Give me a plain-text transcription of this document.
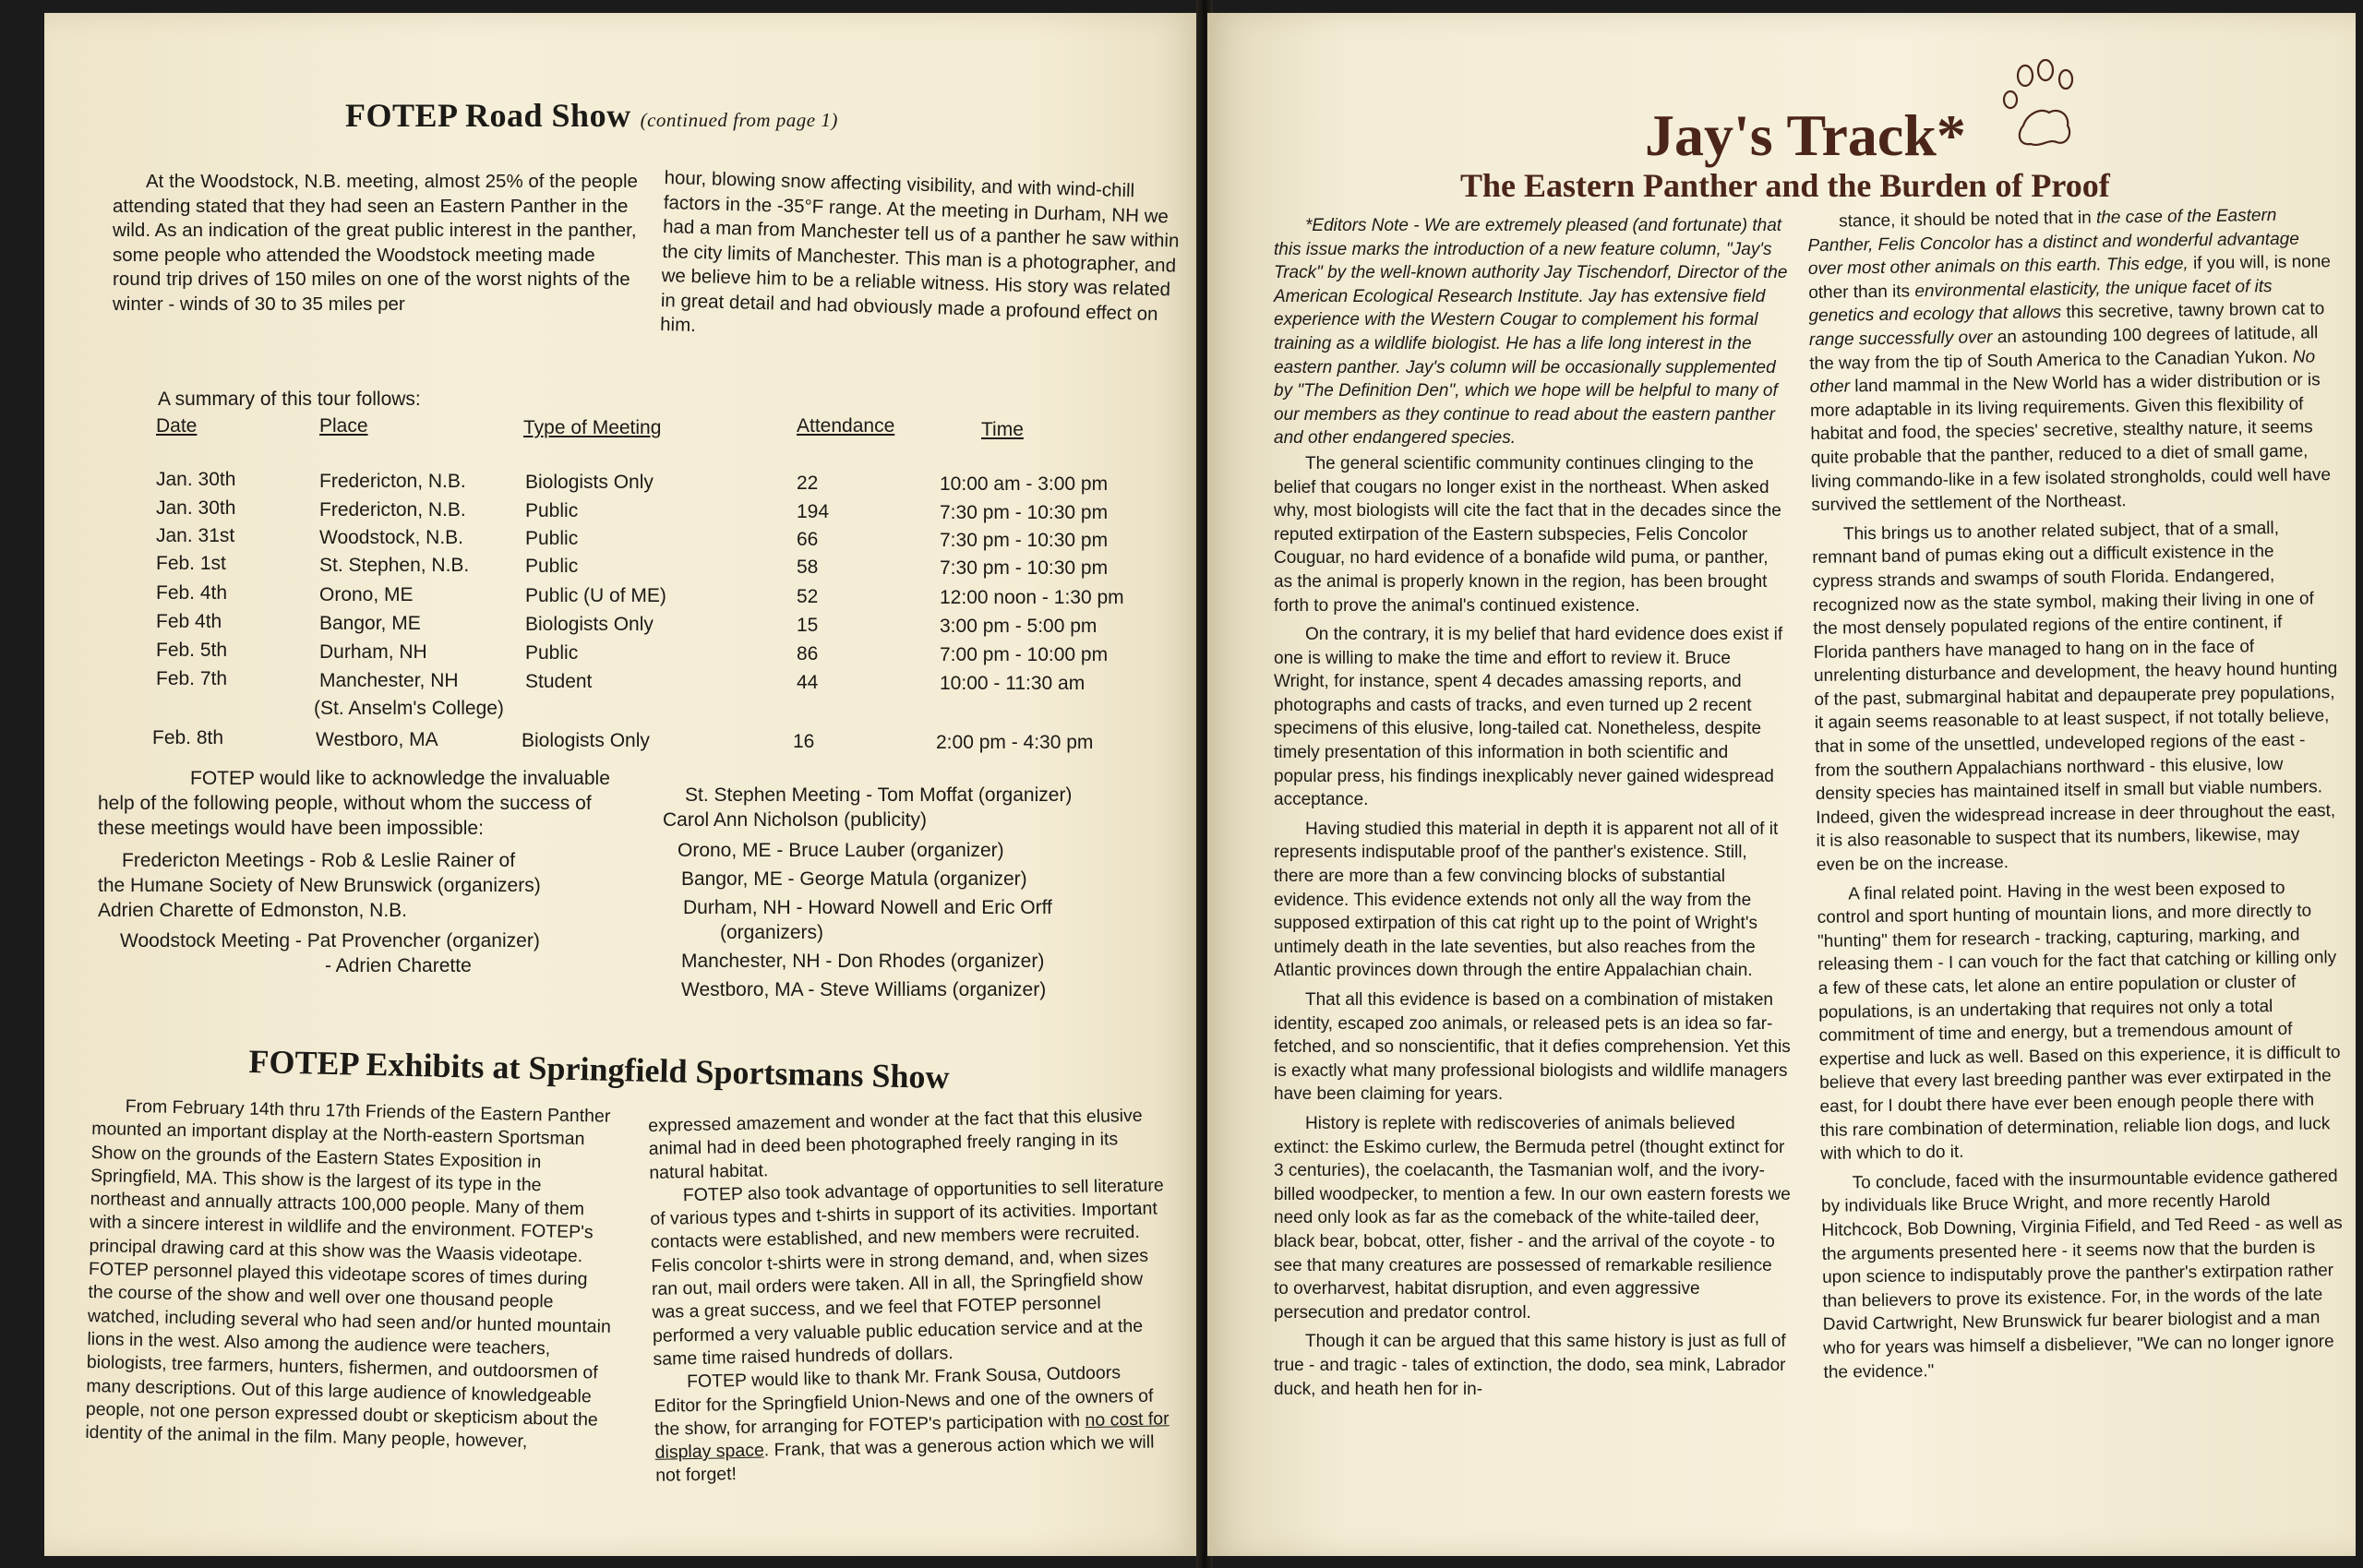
FOTEP Road Show (continued from page 1)

At the Woodstock, N.B. meeting, almost 25% of the people attending stated that they had seen an Eastern Panther in the wild. As an indication of the great public interest in the panther, some people who attended the Woodstock meeting made round trip drives of 150 miles on one of the worst nights of the winter - winds of 30 to 35 miles per

hour, blowing snow affecting visibility, and with wind-chill factors in the -35°F range. At the meeting in Durham, NH we had a man from Manchester tell us of a panther he saw within the city limits of Manchester. This man is a photographer, and we believe him to be a reliable witness. His story was related in great detail and had obviously made a profound effect on him.

A summary of this tour follows:
Date	Place	Type of Meeting	Attendance	Time
Jan. 30th	Fredericton, N.B.	Biologists Only	22	10:00 am - 3:00 pm
Jan. 30th	Fredericton, N.B.	Public	194	7:30 pm - 10:30 pm
Jan. 31st	Woodstock, N.B.	Public	66	7:30 pm - 10:30 pm
Feb. 1st	St. Stephen, N.B.	Public	58	7:30 pm - 10:30 pm
Feb. 4th	Orono, ME	Public (U of ME)	52	12:00 noon - 1:30 pm
Feb 4th	Bangor, ME	Biologists Only	15	3:00 pm - 5:00 pm
Feb. 5th	Durham, NH	Public	86	7:00 pm - 10:00 pm
Feb. 7th	Manchester, NH	Student	44	10:00 - 11:30 am
(St. Anselm's College)
Feb. 8th	Westboro, MA	Biologists Only	16	2:00 pm - 4:30 pm

FOTEP would like to acknowledge the invaluable help of the following people, without whom the success of these meetings would have been impossible:

Fredericton Meetings - Rob & Leslie Rainer of

the Humane Society of New Brunswick (organizers)

Adrien Charette of Edmonston, N.B.

Woodstock Meeting - Pat Provencher (organizer)

- Adrien Charette

St. Stephen Meeting - Tom Moffat (organizer)

Carol Ann Nicholson (publicity)

Orono, ME - Bruce Lauber (organizer)

Bangor, ME - George Matula (organizer)

Durham, NH - Howard Nowell and Eric Orff

(organizers)

Manchester, NH - Don Rhodes (organizer)

Westboro, MA - Steve Williams (organizer)

FOTEP Exhibits at Springfield Sportsmans Show

From February 14th thru 17th Friends of the Eastern Panther mounted an important display at the North-eastern Sportsman Show on the grounds of the Eastern States Exposition in Springfield, MA. This show is the largest of its type in the northeast and annually attracts 100,000 people. Many of them with a sincere interest in wildlife and the environment. FOTEP's principal drawing card at this show was the Waasis videotape. FOTEP personnel played this videotape scores of times during the course of the show and well over one thousand people watched, including several who had seen and/or hunted mountain lions in the west. Also among the audience were teachers, biologists, tree farmers, hunters, fishermen, and outdoorsmen of many descriptions. Out of this large audience of knowledgeable people, not one person expressed doubt or skepticism about the identity of the animal in the film. Many people, however,

expressed amazement and wonder at the fact that this elusive animal had in deed been photographed freely ranging in its natural habitat.

FOTEP also took advantage of opportunities to sell literature of various types and t-shirts in support of its activities. Important contacts were established, and new members were recruited. Felis concolor t-shirts were in strong demand, and, when sizes ran out, mail orders were taken. All in all, the Springfield show was a great success, and we feel that FOTEP personnel performed a very valuable public education service and at the same time raised hundreds of dollars.

FOTEP would like to thank Mr. Frank Sousa, Outdoors Editor for the Springfield Union-News and one of the owners of the show, for arranging for FOTEP's participation with no cost for display space. Frank, that was a generous action which we will not forget!

Jay's Track*
The Eastern Panther and the Burden of Proof

*Editors Note - We are extremely pleased (and fortunate) that this issue marks the introduction of a new feature column, "Jay's Track" by the well-known authority Jay Tischendorf, Director of the American Ecological Research Institute. Jay has extensive field experience with the Western Cougar to complement his formal training as a wildlife biologist. He has a life long interest in the eastern panther. Jay's column will be occasionally supplemented by "The Definition Den", which we hope will be helpful to many of our members as they continue to read about the eastern panther and other endangered species.

The general scientific community continues clinging to the belief that cougars no longer exist in the northeast. When asked why, most biologists will cite the fact that in the decades since the reputed extirpation of the Eastern subspecies, Felis Concolor Couguar, no hard evidence of a bonafide wild puma, or panther, as the animal is properly known in the region, has been brought forth to prove the animal's continued existence.

On the contrary, it is my belief that hard evidence does exist if one is willing to make the time and effort to review it. Bruce Wright, for instance, spent 4 decades amassing reports, and photographs and casts of tracks, and even turned up 2 recent specimens of this elusive, long-tailed cat. Nonetheless, despite timely presentation of this information in both scientific and popular press, his findings inexplicably never gained widespread acceptance.

Having studied this material in depth it is apparent not all of it represents indisputable proof of the panther's existence. Still, there are more than a few convincing blocks of substantial evidence. This evidence extends not only all the way from the supposed extirpation of this cat right up to the point of Wright's untimely death in the late seventies, but also reaches from the Atlantic provinces down through the entire Appalachian chain.

That all this evidence is based on a combination of mistaken identity, escaped zoo animals, or released pets is an idea so far-fetched, and so nonscientific, that it defies comprehension. Yet this is exactly what many professional biologists and wildlife managers have been claiming for years.

History is replete with rediscoveries of animals believed extinct: the Eskimo curlew, the Bermuda petrel (thought extinct for 3 centuries), the coelacanth, the Tasmanian wolf, and the ivory-billed woodpecker, to mention a few. In our own eastern forests we need only look as far as the comeback of the white-tailed deer, black bear, bobcat, otter, fisher - and the arrival of the coyote - to see that many creatures are possessed of remarkable resilience to overharvest, habitat disruption, and even aggressive persecution and predator control.

Though it can be argued that this same history is just as full of true - and tragic - tales of extinction, the dodo, sea mink, Labrador duck, and heath hen for in-

stance, it should be noted that in the case of the Eastern Panther, Felis Concolor has a distinct and wonderful advantage over most other animals on this earth. This edge, if you will, is none other than its environmental elasticity, the unique facet of its genetics and ecology that allows this secretive, tawny brown cat to range successfully over an astounding 100 degrees of latitude, all the way from the tip of South America to the Canadian Yukon. No other land mammal in the New World has a wider distribution or is more adaptable in its living requirements. Given this flexibility of habitat and food, the species' secretive, stealthy nature, it seems quite probable that the panther, reduced to a diet of small game, living commando-like in a few isolated strongholds, could well have survived the settlement of the Northeast.

This brings us to another related subject, that of a small, remnant band of pumas eking out a difficult existence in the cypress strands and swamps of south Florida. Endangered, recognized now as the state symbol, making their living in one of the most densely populated regions of the entire continent, if Florida panthers have managed to hang on in the face of unrelenting disturbance and development, the heavy hound hunting of the past, submarginal habitat and depauperate prey populations, it again seems reasonable to at least suspect, if not totally believe, that in some of the unsettled, undeveloped regions of the east - from the southern Appalachians northward - this elusive, low density species has maintained itself in small but viable numbers. Indeed, given the widespread increase in deer throughout the east, it is also reasonable to suspect that its numbers, likewise, may even be on the increase.

A final related point. Having in the west been exposed to control and sport hunting of mountain lions, and more directly to "hunting" them for research - tracking, capturing, marking, and releasing them - I can vouch for the fact that catching or killing only a few of these cats, let alone an entire population or cluster of populations, is an undertaking that requires not only a total commitment of time and energy, but a tremendous amount of expertise and luck as well. Based on this experience, it is difficult to believe that every last breeding panther was ever extirpated in the east, for I doubt there have ever been enough people there with this rare combination of determination, reliable lion dogs, and luck with which to do it.

To conclude, faced with the insurmountable evidence gathered by individuals like Bruce Wright, and more recently Harold Hitchcock, Bob Downing, Virginia Fifield, and Ted Reed - as well as the arguments presented here - it seems now that the burden is upon science to indisputably prove the panther's extirpation rather than believers to prove its existence. For, in the words of the late David Cartwright, New Brunswick fur bearer biologist and a man who for years was himself a disbeliever, "We can no longer ignore the evidence."
